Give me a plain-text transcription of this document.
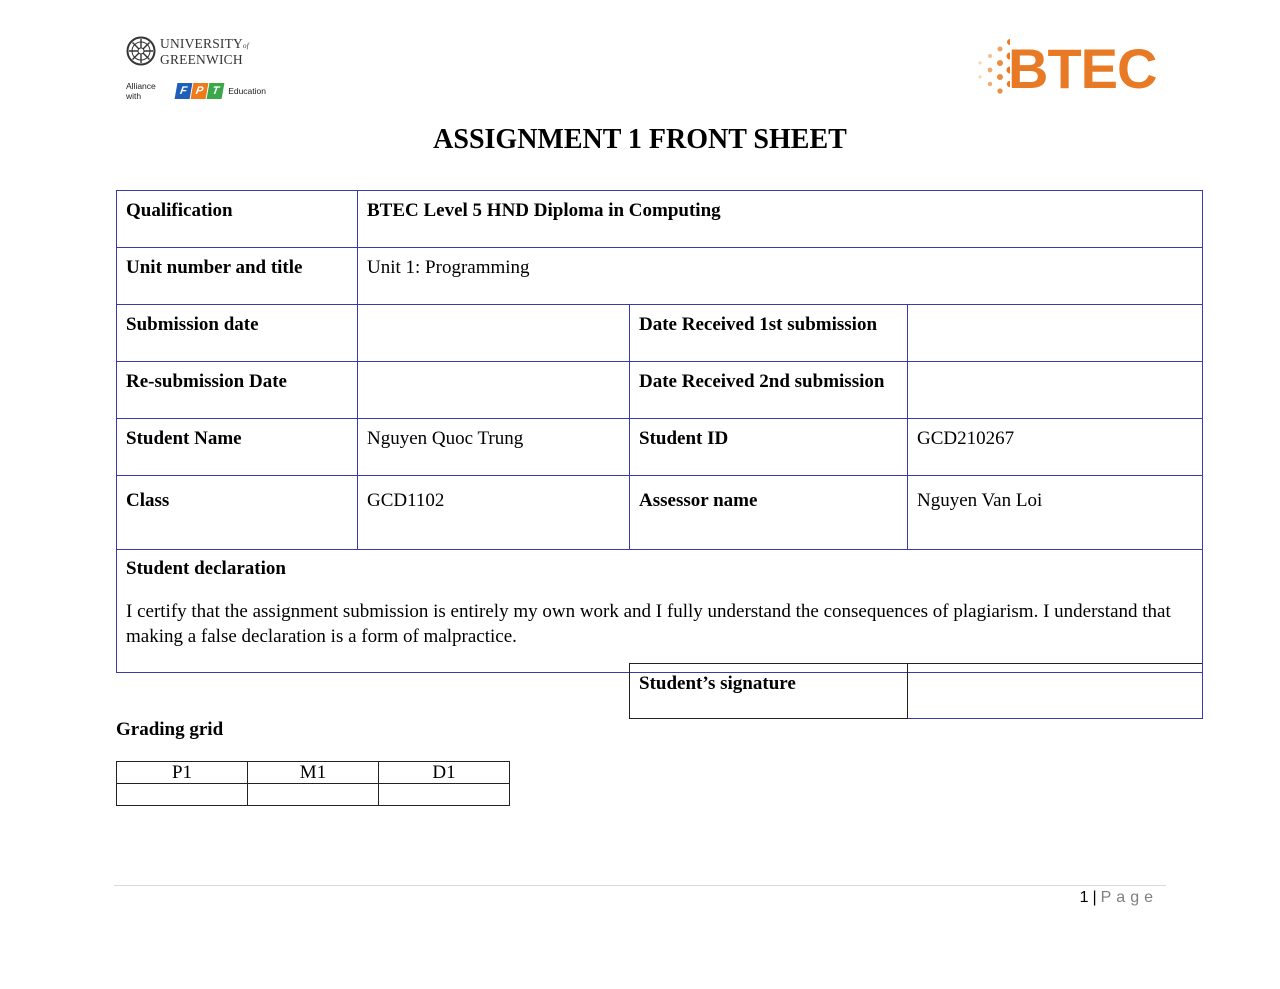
UNIVERSITYof
GREENWICH
Alliance with	F P T Education	BTEC
ASSIGNMENT 1 FRONT SHEET
Qualification	BTEC Level 5 HND Diploma in Computing		
Unit number and title	Unit 1: Programming		
Submission date		Date Received 1st submission	
Re-submission Date		Date Received 2nd submission	
Student Name	Nguyen Quoc Trung	Student ID	GCD210267
Class	GCD1102	Assessor name	Nguyen Van Loi

Student declaration
I certify that the assignment submission is entirely my own work and I fully understand the consequences of plagiarism. I understand that making a false declaration is a form of malpractice.			
Student’s signature	
Grading grid
P1	M1	D1

1 | Page
